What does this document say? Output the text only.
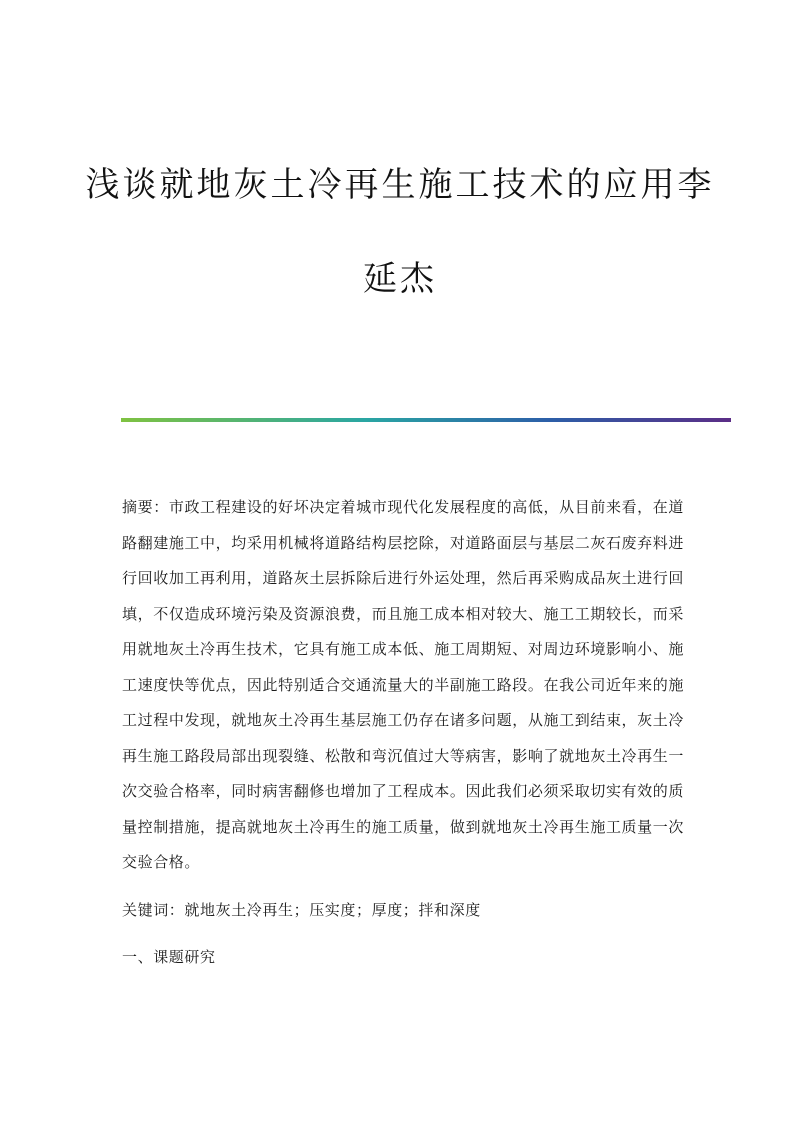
浅谈就地灰土冷再生施工技术的应用李
延杰

摘要：市政工程建设的好坏决定着城市现代化发展程度的高低，从目前来看，在道路翻建施工中，均采用机械将道路结构层挖除，对道路面层与基层二灰石废弃料进行回收加工再利用，道路灰土层拆除后进行外运处理，然后再采购成品灰土进行回填，不仅造成环境污染及资源浪费，而且施工成本相对较大、施工工期较长，而采用就地灰土冷再生技术，它具有施工成本低、施工周期短、对周边环境影响小、施工速度快等优点，因此特别适合交通流量大的半副施工路段。在我公司近年来的施工过程中发现，就地灰土冷再生基层施工仍存在诸多问题，从施工到结束，灰土冷再生施工路段局部出现裂缝、松散和弯沉值过大等病害，影响了就地灰土冷再生一次交验合格率，同时病害翻修也增加了工程成本。因此我们必须采取切实有效的质量控制措施，提高就地灰土冷再生的施工质量，做到就地灰土冷再生施工质量一次交验合格。

关键词：就地灰土冷再生；压实度；厚度；拌和深度

一、课题研究
